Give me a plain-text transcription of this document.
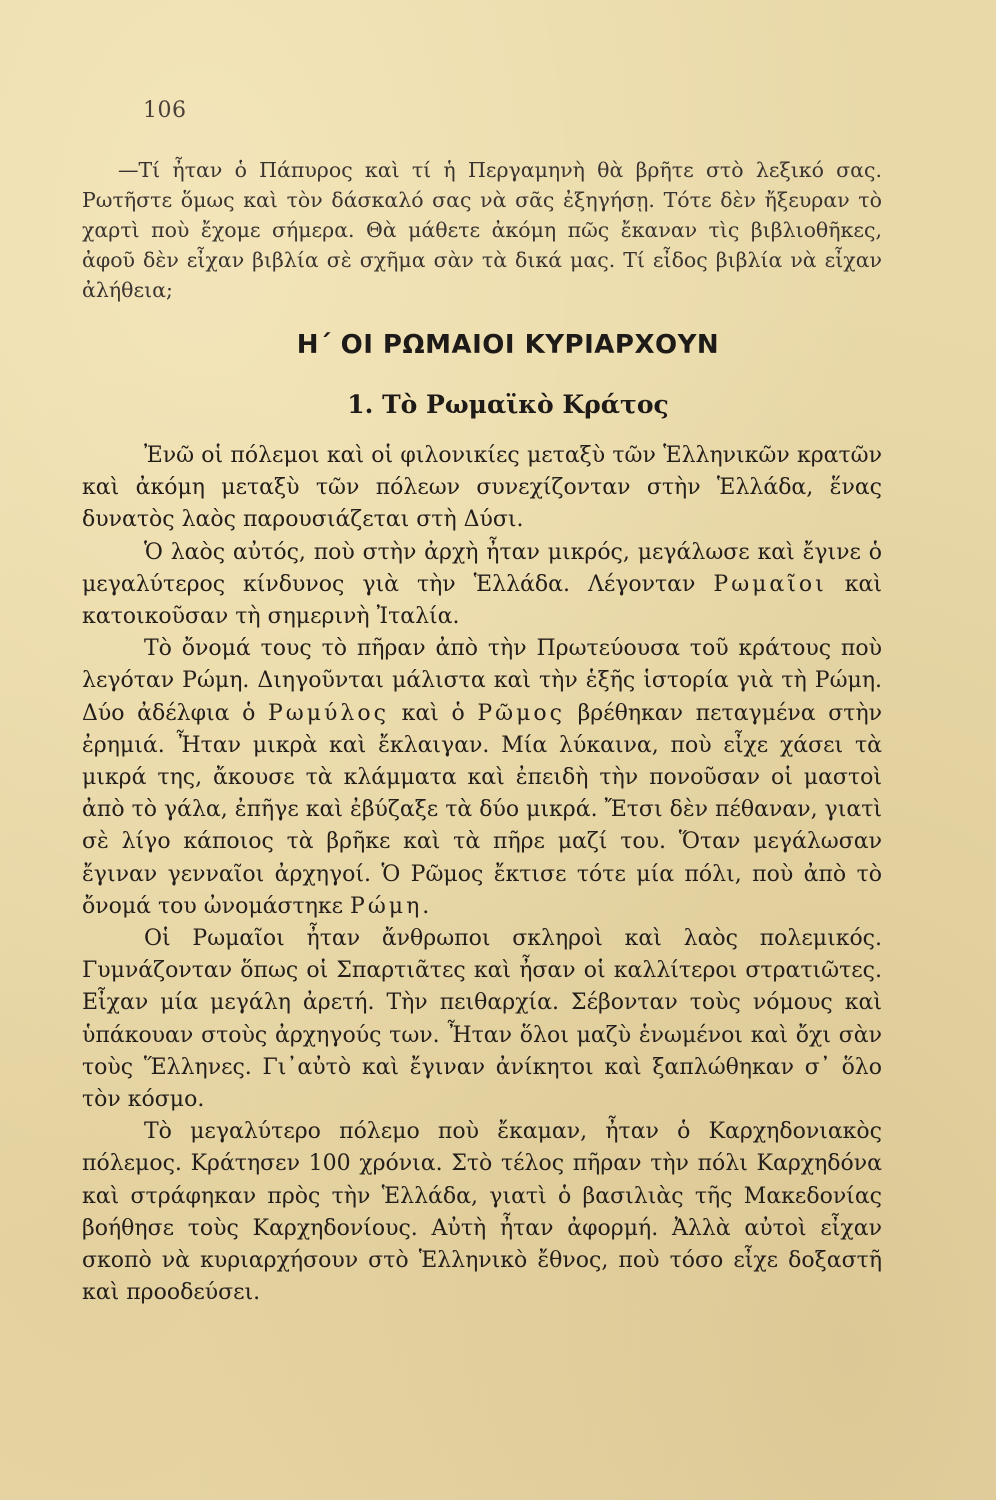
106

—Τί ἦταν ὁ Πάπυρος καὶ τί ἡ Περγαμηνὴ θὰ βρῆτε στὸ λεξικό σας. Ρωτῆστε ὅμως καὶ τὸν δάσκαλό σας νὰ σᾶς ἐξηγήσῃ. Τότε δὲν ἤξευραν τὸ χαρτὶ ποὺ ἔχομε σήμερα. Θὰ μάθετε ἀκόμη πῶς ἔκαναν τὶς βιβλιοθῆκες, ἀφοῦ δὲν εἶχαν βιβλία σὲ σχῆμα σὰν τὰ δικά μας. Τί εἶδος βιβλία νὰ εἶχαν ἀλήθεια;

Η΄ ΟΙ ΡΩΜΑΙΟΙ ΚΥΡΙΑΡΧΟΥΝ
1. Τὸ Ρωμαϊκὸ Κράτος

Ἐνῶ οἱ πόλεμοι καὶ οἱ φιλονικίες μεταξὺ τῶν Ἑλληνικῶν κρατῶν καὶ ἀκόμη μεταξὺ τῶν πόλεων συνεχίζονταν στὴν Ἑλλάδα, ἕνας δυνατὸς λαὸς παρουσιάζεται στὴ Δύσι.

Ὁ λαὸς αὐτός, ποὺ στὴν ἀρχὴ ἦταν μικρός, μεγάλωσε καὶ ἔγινε ὁ μεγαλύτερος κίνδυνος γιὰ τὴν Ἑλλάδα. Λέγονταν Ρωμαῖοι καὶ κατοικοῦσαν τὴ σημερινὴ Ἰταλία.

Τὸ ὄνομά τους τὸ πῆραν ἀπὸ τὴν Πρωτεύουσα τοῦ κράτους ποὺ λεγόταν Ρώμη. Διηγοῦνται μάλιστα καὶ τὴν ἑξῆς ἱστορία γιὰ τὴ Ρώμη. Δύο ἀδέλφια ὁ Ρωμύλος καὶ ὁ Ρῶμος βρέθηκαν πεταγμένα στὴν ἐρημιά. Ἦταν μικρὰ καὶ ἔκλαιγαν. Μία λύκαινα, ποὺ εἶχε χάσει τὰ μικρά της, ἄκουσε τὰ κλάμματα καὶ ἐπειδὴ τὴν πονοῦσαν οἱ μαστοὶ ἀπὸ τὸ γάλα, ἐπῆγε καὶ ἐβύζαξε τὰ δύο μικρά. Ἔτσι δὲν πέθαναν, γιατὶ σὲ λίγο κάποιος τὰ βρῆκε καὶ τὰ πῆρε μαζί του. Ὅταν μεγάλωσαν ἔγιναν γενναῖοι ἀρχηγοί. Ὁ Ρῶμος ἔκτισε τότε μία πόλι, ποὺ ἀπὸ τὸ ὄνομά του ὠνομάστηκε Ρώμη.

Οἱ Ρωμαῖοι ἦταν ἄνθρωποι σκληροὶ καὶ λαὸς πολεμικός. Γυμνάζονταν ὅπως οἱ Σπαρτιᾶτες καὶ ἦσαν οἱ καλλίτεροι στρατιῶτες. Εἶχαν μία μεγάλη ἀρετή. Τὴν πειθαρχία. Σέβονταν τοὺς νόμους καὶ ὑπάκουαν στοὺς ἀρχηγούς των. Ἦταν ὅλοι μαζὺ ἑνωμένοι καὶ ὄχι σὰν τοὺς Ἕλληνες. Γι᾿αὐτὸ καὶ ἔγιναν ἀνίκητοι καὶ ξαπλώθηκαν σ᾿ ὅλο τὸν κόσμο.

Τὸ μεγαλύτερο πόλεμο ποὺ ἔκαμαν, ἦταν ὁ Καρχηδονιακὸς πόλεμος. Κράτησεν 100 χρόνια. Στὸ τέλος πῆραν τὴν πόλι Καρχηδόνα καὶ στράφηκαν πρὸς τὴν Ἑλλάδα, γιατὶ ὁ βασιλιὰς τῆς Μακεδονίας βοήθησε τοὺς Καρχηδονίους. Αὐτὴ ἦταν ἀφορμή. Ἀλλὰ αὐτοὶ εἶχαν σκοπὸ νὰ κυριαρχήσουν στὸ Ἑλληνικὸ ἔθνος, ποὺ τόσο εἶχε δοξαστῆ καὶ προοδεύσει.
